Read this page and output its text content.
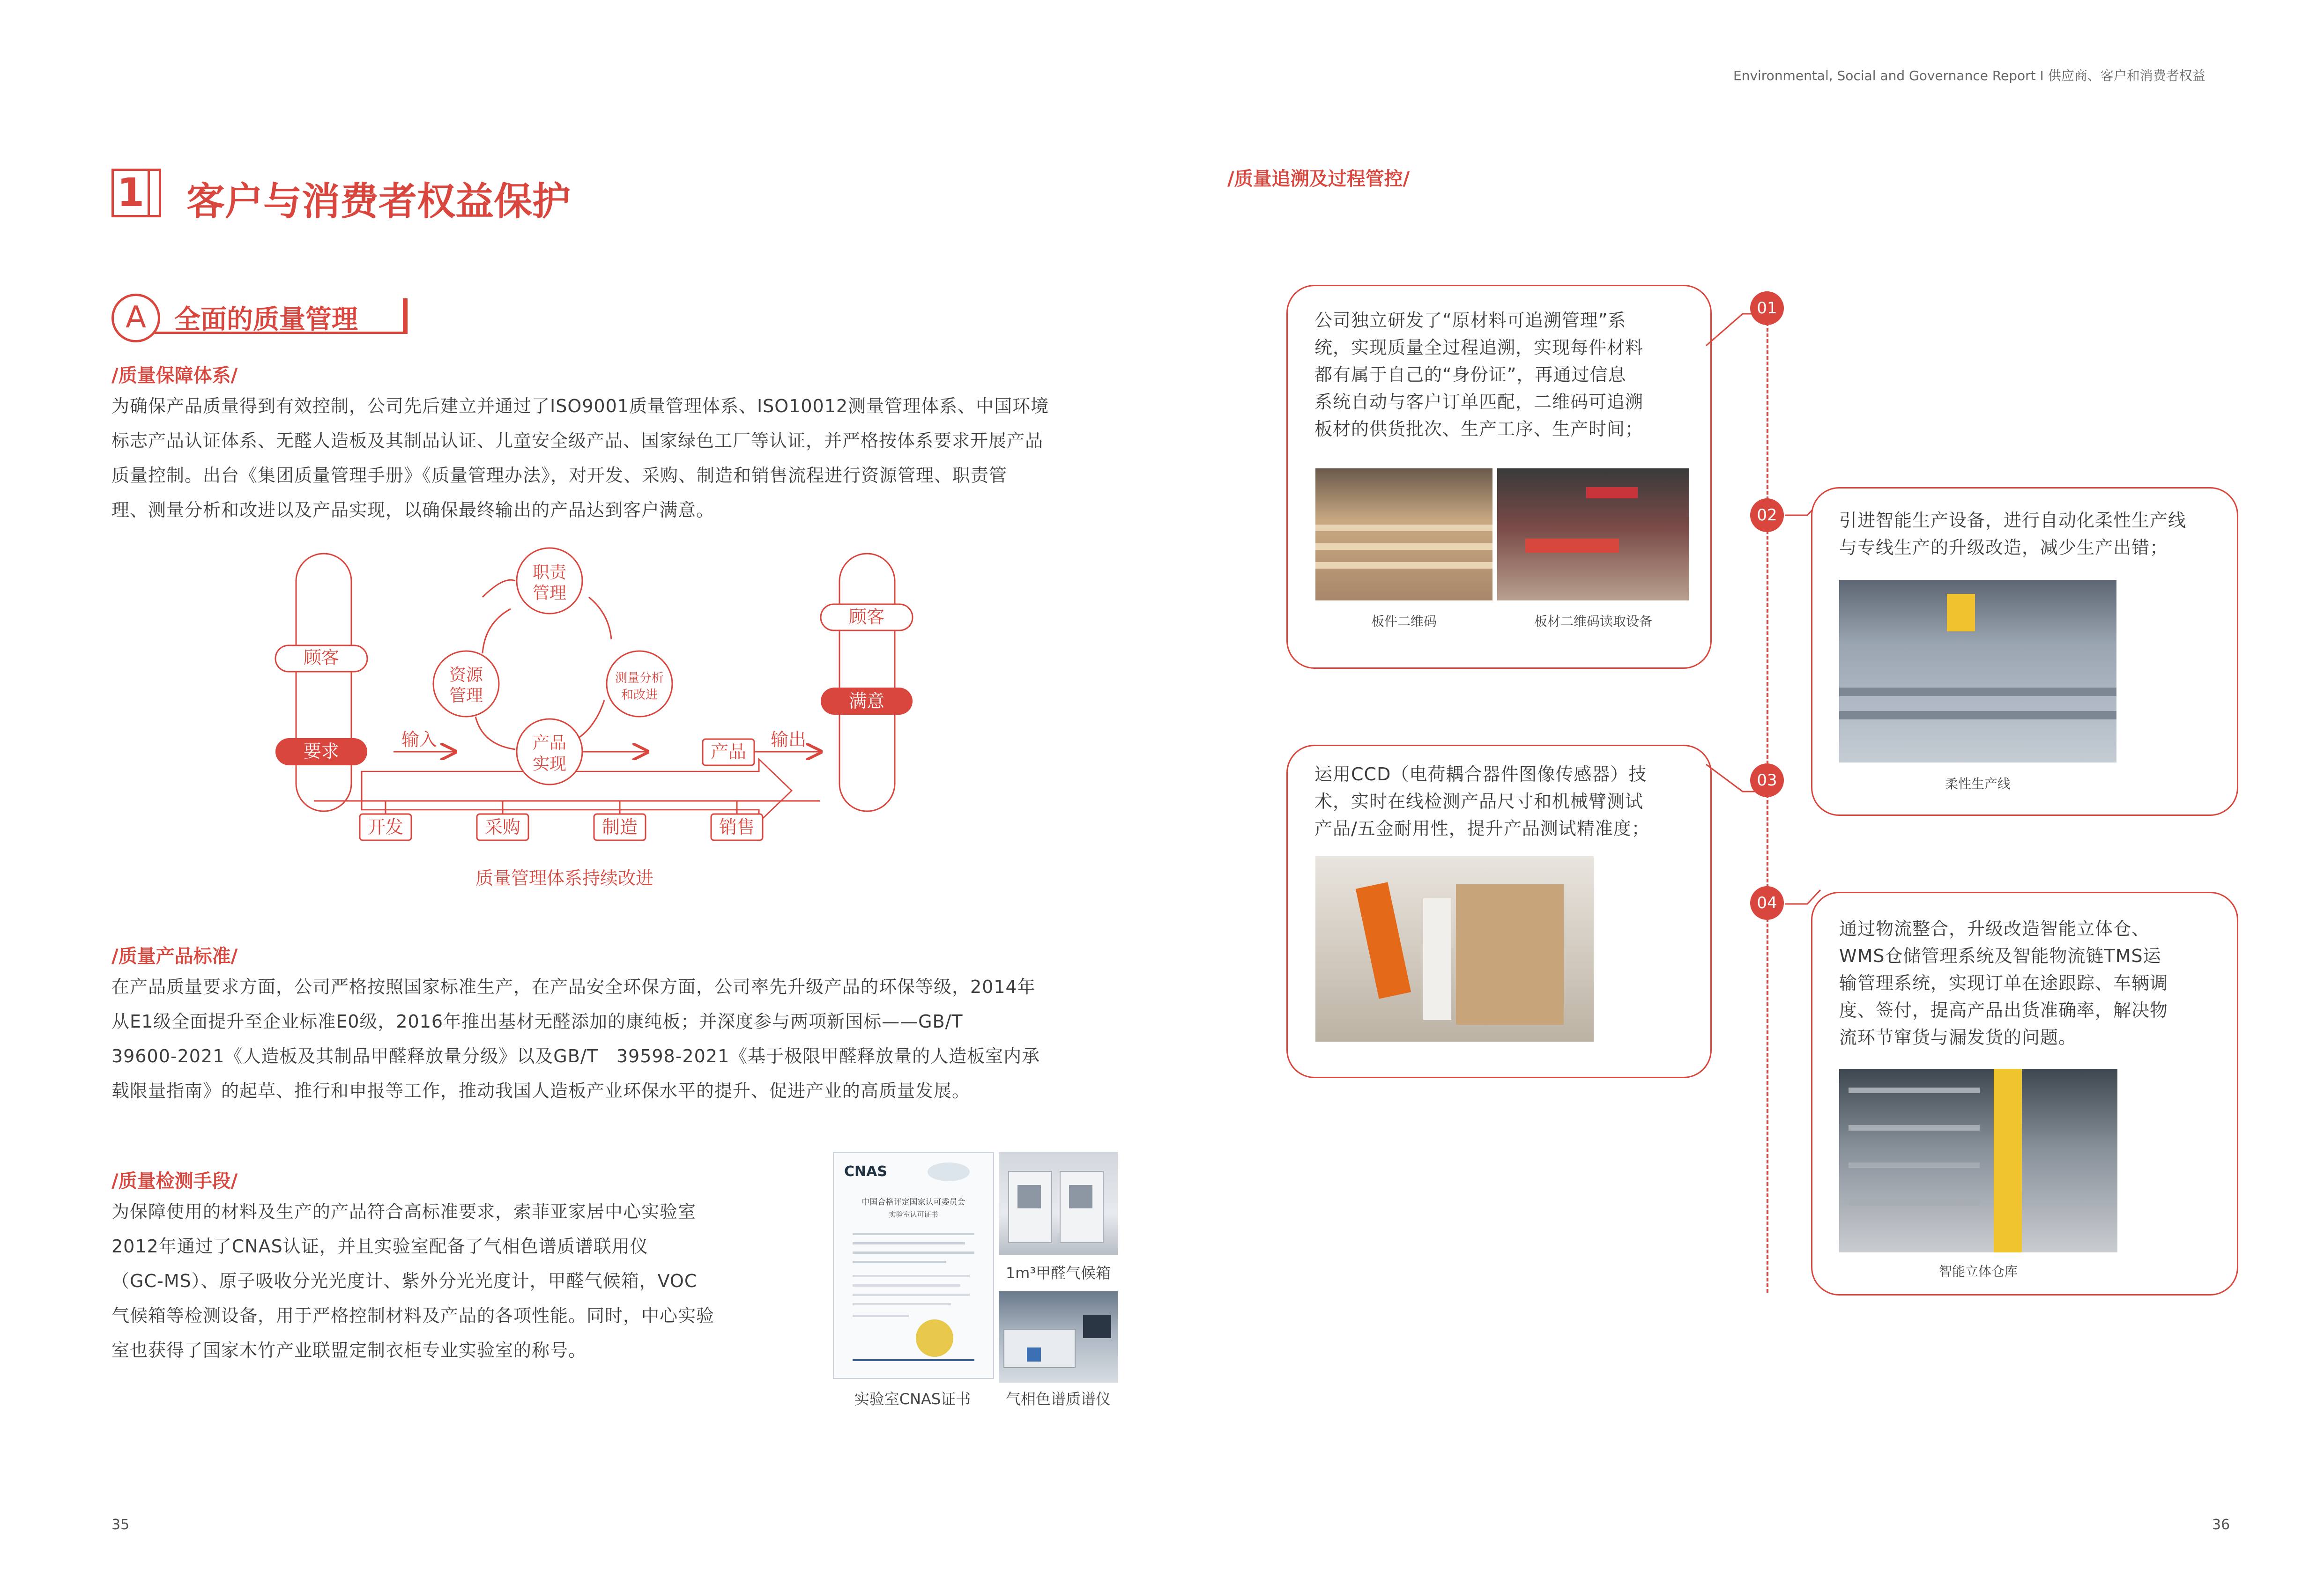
Environmental, Social and Governance Report Ⅰ 供应商、客户和消费者权益
1 客户与消费者权益保护
A	全面的质量管理
/质量保障体系/

为确保产品质量得到有效控制，公司先后建立并通过了ISO9001质量管理体系、ISO10012测量管理体系、中国环境

标志产品认证体系、无醛人造板及其制品认证、儿童安全级产品、国家绿色工厂等认证，并严格按体系要求开展产品

质量控制。出台《集团质量管理手册》《质量管理办法》，对开发、采购、制造和销售流程进行资源管理、职责管

理、测量分析和改进以及产品实现，以确保最终输出的产品达到客户满意。

顾客
要求
输入
职责
管理
资源
管理
测量分析
和改进
产品
实现
产品
输出
顾客
满意
开发	采购	制造	销售
质量管理体系持续改进
/质量产品标准/

在产品质量要求方面，公司严格按照国家标准生产，在产品安全环保方面，公司率先升级产品的环保等级，2014年

从E1级全面提升至企业标准E0级，2016年推出基材无醛添加的康纯板；并深度参与两项新国标——GB/T

39600-2021《人造板及其制品甲醛释放量分级》以及GB/T　39598-2021《基于极限甲醛释放量的人造板室内承

载限量指南》的起草、推行和申报等工作，推动我国人造板产业环保水平的提升、促进产业的高质量发展。

/质量检测手段/

为保障使用的材料及生产的产品符合高标准要求，索菲亚家居中心实验室

2012年通过了CNAS认证，并且实验室配备了气相色谱质谱联用仪

（GC-MS）、原子吸收分光光度计、紫外分光光度计，甲醛气候箱，VOC

气候箱等检测设备，用于严格控制材料及产品的各项性能。同时，中心实验

室也获得了国家木竹产业联盟定制衣柜专业实验室的称号。

CNAS
中国合格评定国家认可委员会
实验室认可证书
1m³甲醛气候箱
实验室CNAS证书	气相色谱质谱仪
/质量追溯及过程管控/
01

公司独立研发了“原材料可追溯管理”系

统，实现质量全过程追溯，实现每件材料

都有属于自己的“身份证”，再通过信息

系统自动与客户订单匹配，二维码可追溯

板材的供货批次、生产工序、生产时间；

板件二维码	板材二维码读取设备
02	引进智能生产设备，进行自动化柔性生产线

与专线生产的升级改造，减少生产出错；

柔性生产线
03

运用CCD（电荷耦合器件图像传感器）技

术，实时在线检测产品尺寸和机械臂测试

产品/五金耐用性，提升产品测试精准度；

04

通过物流整合，升级改造智能立体仓、

WMS仓储管理系统及智能物流链TMS运

输管理系统，实现订单在途跟踪、车辆调

度、签付，提高产品出货准确率，解决物

流环节窜货与漏发货的问题。

智能立体仓库
35	36
